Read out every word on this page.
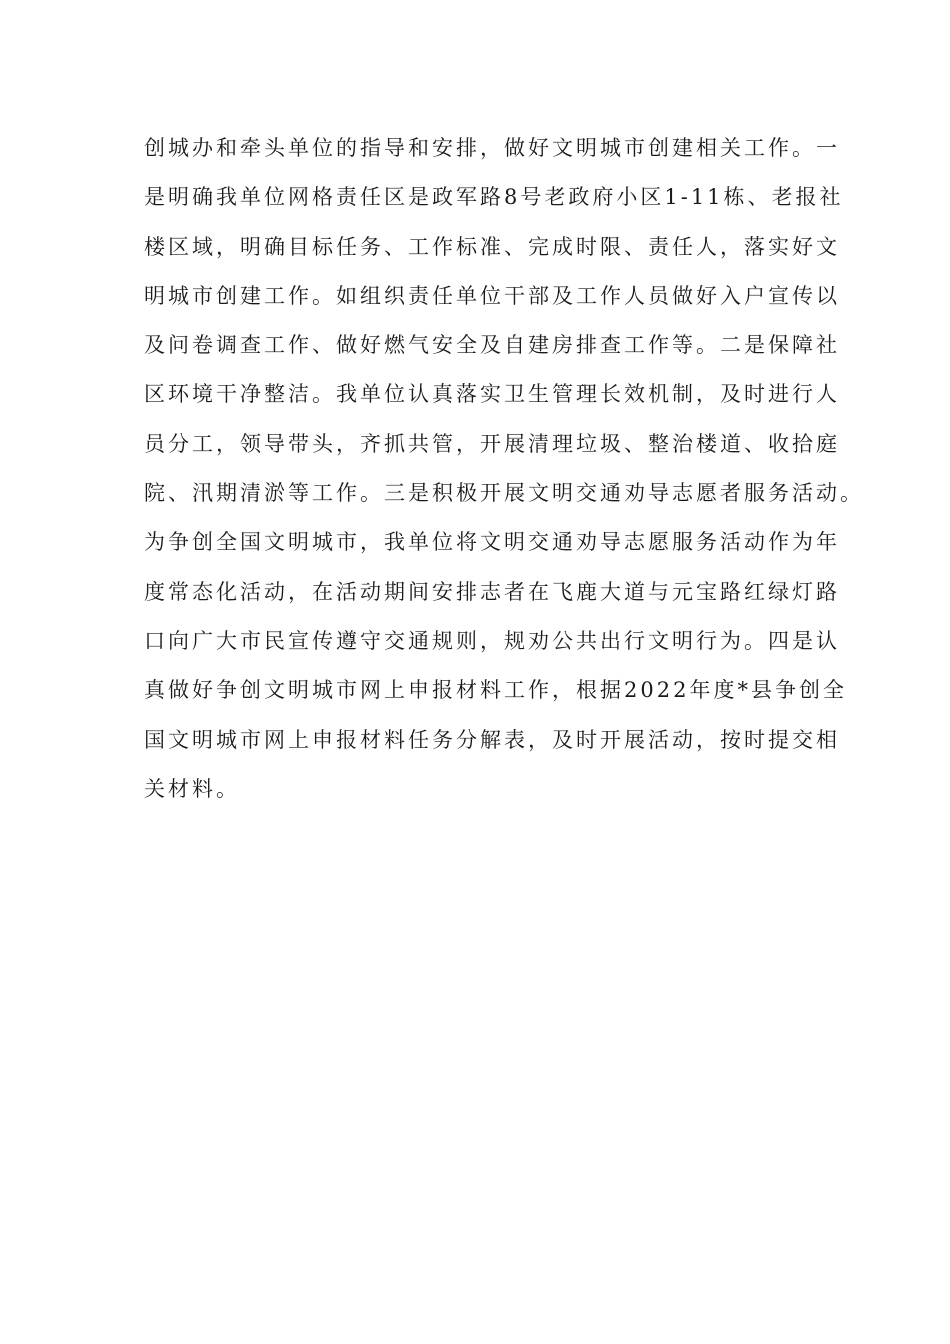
创城办和牵头单位的指导和安排，做好文明城市创建相关工作。一
是明确我单位网格责任区是政军路8号老政府小区1-11栋、老报社
楼区域，明确目标任务、工作标准、完成时限、责任人，落实好文
明城市创建工作。如组织责任单位干部及工作人员做好入户宣传以
及问卷调查工作、做好燃气安全及自建房排查工作等。二是保障社
区环境干净整洁。我单位认真落实卫生管理长效机制，及时进行人
员分工，领导带头，齐抓共管，开展清理垃圾、整治楼道、收拾庭
院、汛期清淤等工作。三是积极开展文明交通劝导志愿者服务活动。
为争创全国文明城市，我单位将文明交通劝导志愿服务活动作为年
度常态化活动，在活动期间安排志者在飞鹿大道与元宝路红绿灯路
口向广大市民宣传遵守交通规则，规劝公共出行文明行为。四是认
真做好争创文明城市网上申报材料工作，根据2022年度*县争创全
国文明城市网上申报材料任务分解表，及时开展活动，按时提交相
关材料。
